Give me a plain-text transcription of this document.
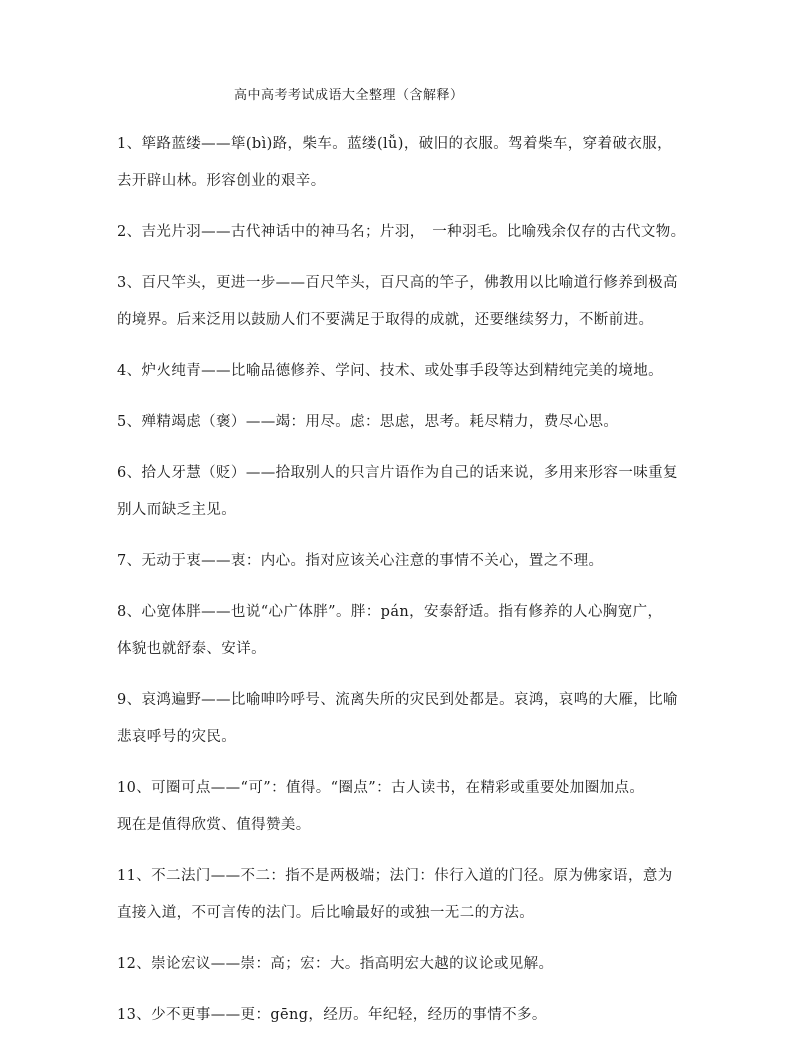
高中高考考试成语大全整理（含解释）
1、筚路蓝缕——筚(bì)路，柴车。蓝缕(lǚ)，破旧的衣服。驾着柴车，穿着破衣服，
去开辟山林。形容创业的艰辛。
2、吉光片羽——古代神话中的神马名；片羽，　一种羽毛。比喻残余仅存的古代文物。
3、百尺竿头，更进一步——百尺竿头，百尺高的竿子，佛教用以比喻道行修养到极高
的境界。后来泛用以鼓励人们不要满足于取得的成就，还要继续努力，不断前进。
4、炉火纯青——比喻品德修养、学问、技术、或处事手段等达到精纯完美的境地。
5、殚精竭虑（褒）——竭：用尽。虑：思虑，思考。耗尽精力，费尽心思。
6、拾人牙慧（贬）——拾取别人的只言片语作为自己的话来说，多用来形容一味重复
别人而缺乏主见。
7、无动于衷——衷：内心。指对应该关心注意的事情不关心，置之不理。
8、心宽体胖——也说“心广体胖”。胖：pán，安泰舒适。指有修养的人心胸宽广，
体貌也就舒泰、安详。
9、哀鸿遍野——比喻呻吟呼号、流离失所的灾民到处都是。哀鸿，哀鸣的大雁，比喻
悲哀呼号的灾民。
10、可圈可点——“可”：值得。“圈点”：古人读书，在精彩或重要处加圈加点。
现在是值得欣赏、值得赞美。
11、不二法门——不二：指不是两极端；法门：佧行入道的门径。原为佛家语，意为
直接入道，不可言传的法门。后比喻最好的或独一无二的方法。
12、崇论宏议——崇：高；宏：大。指高明宏大越的议论或见解。
13、少不更事——更：gēng，经历。年纪轻，经历的事情不多。
